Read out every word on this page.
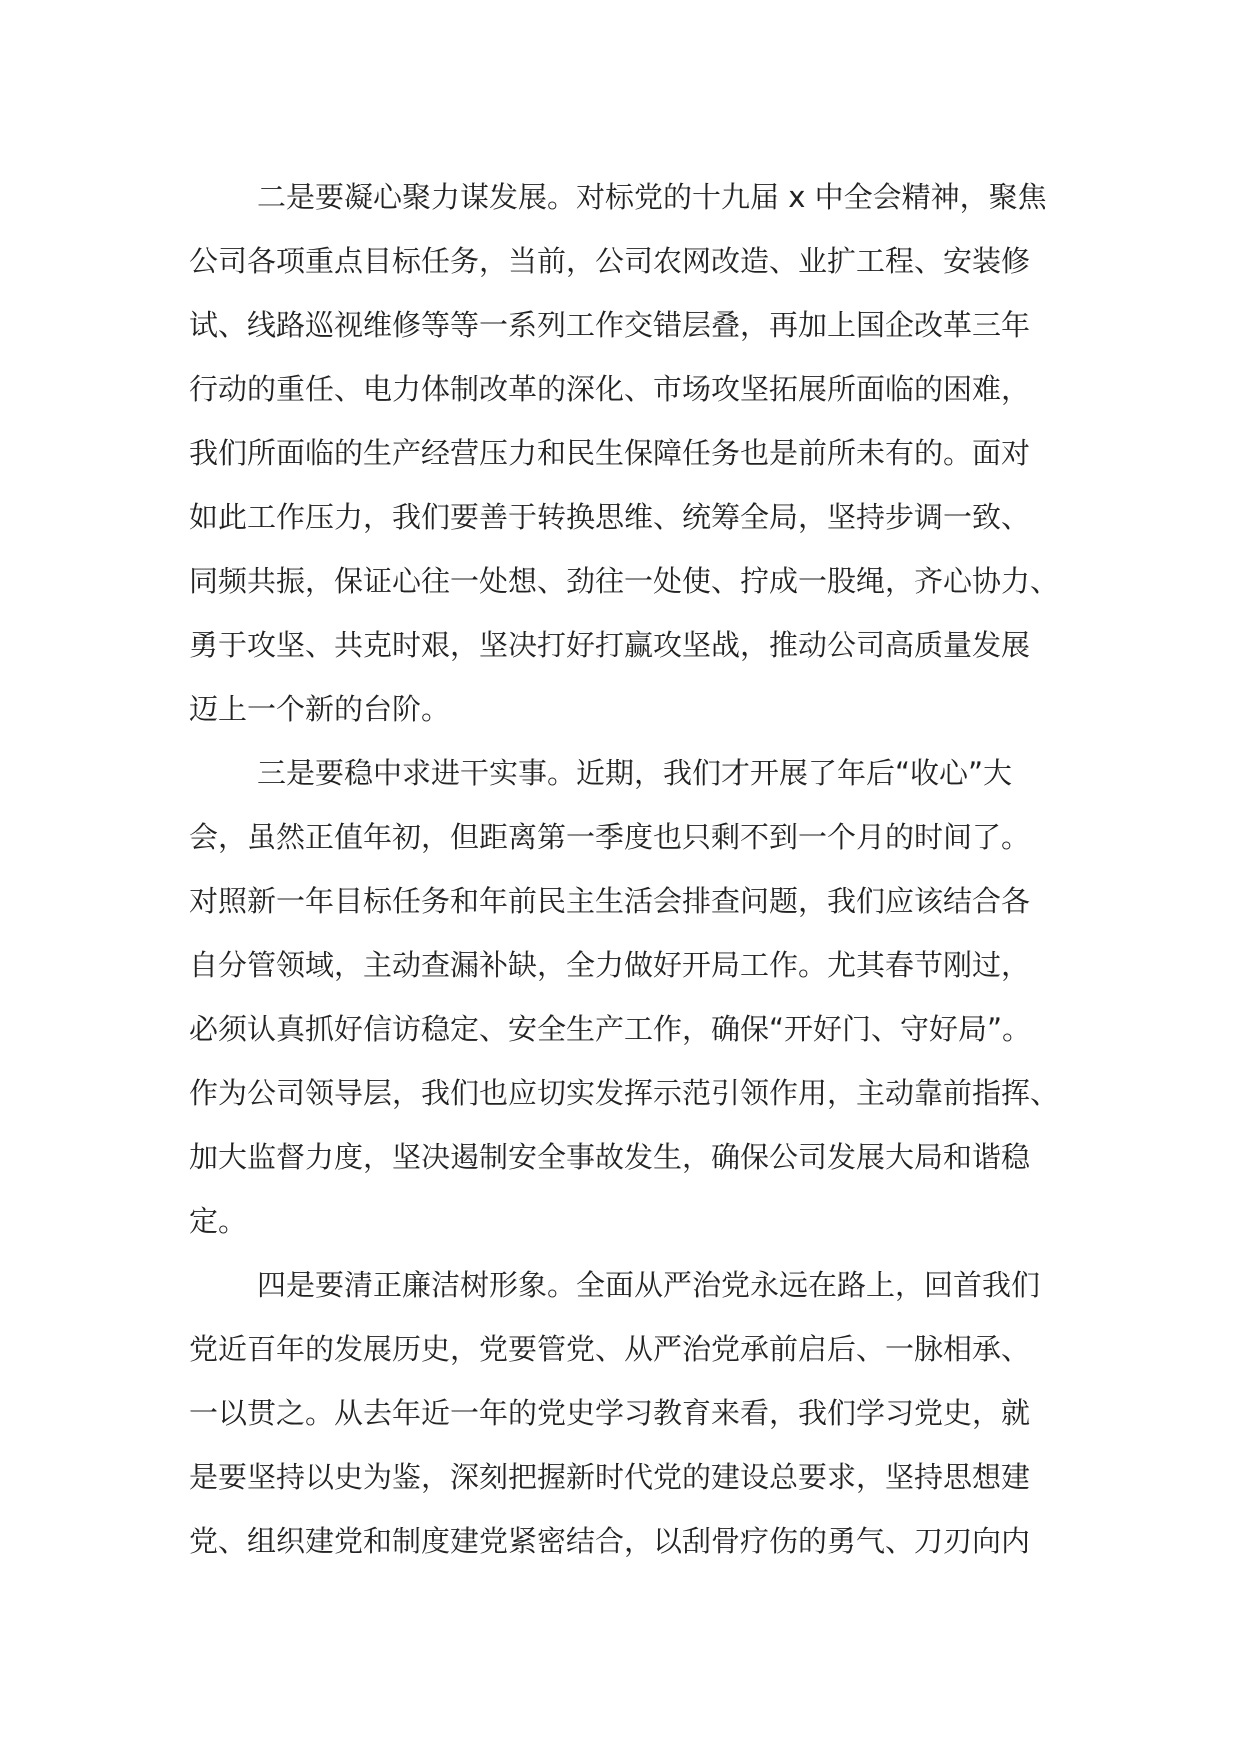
二是要凝心聚力谋发展。对标党的十九届 x 中全会精神，聚焦
公司各项重点目标任务，当前，公司农网改造、业扩工程、安装修
试、线路巡视维修等等一系列工作交错层叠，再加上国企改革三年
行动的重任、电力体制改革的深化、市场攻坚拓展所面临的困难，
我们所面临的生产经营压力和民生保障任务也是前所未有的。面对
如此工作压力，我们要善于转换思维、统筹全局，坚持步调一致、
同频共振，保证心往一处想、劲往一处使、拧成一股绳，齐心协力、
勇于攻坚、共克时艰，坚决打好打赢攻坚战，推动公司高质量发展
迈上一个新的台阶。
三是要稳中求进干实事。近期，我们才开展了年后“收心”大
会，虽然正值年初，但距离第一季度也只剩不到一个月的时间了。
对照新一年目标任务和年前民主生活会排查问题，我们应该结合各
自分管领域，主动查漏补缺，全力做好开局工作。尤其春节刚过，
必须认真抓好信访稳定、安全生产工作，确保“开好门、守好局”。
作为公司领导层，我们也应切实发挥示范引领作用，主动靠前指挥、
加大监督力度，坚决遏制安全事故发生，确保公司发展大局和谐稳
定。
四是要清正廉洁树形象。全面从严治党永远在路上，回首我们
党近百年的发展历史，党要管党、从严治党承前启后、一脉相承、
一以贯之。从去年近一年的党史学习教育来看，我们学习党史，就
是要坚持以史为鉴，深刻把握新时代党的建设总要求，坚持思想建
党、组织建党和制度建党紧密结合，以刮骨疗伤的勇气、刀刃向内
